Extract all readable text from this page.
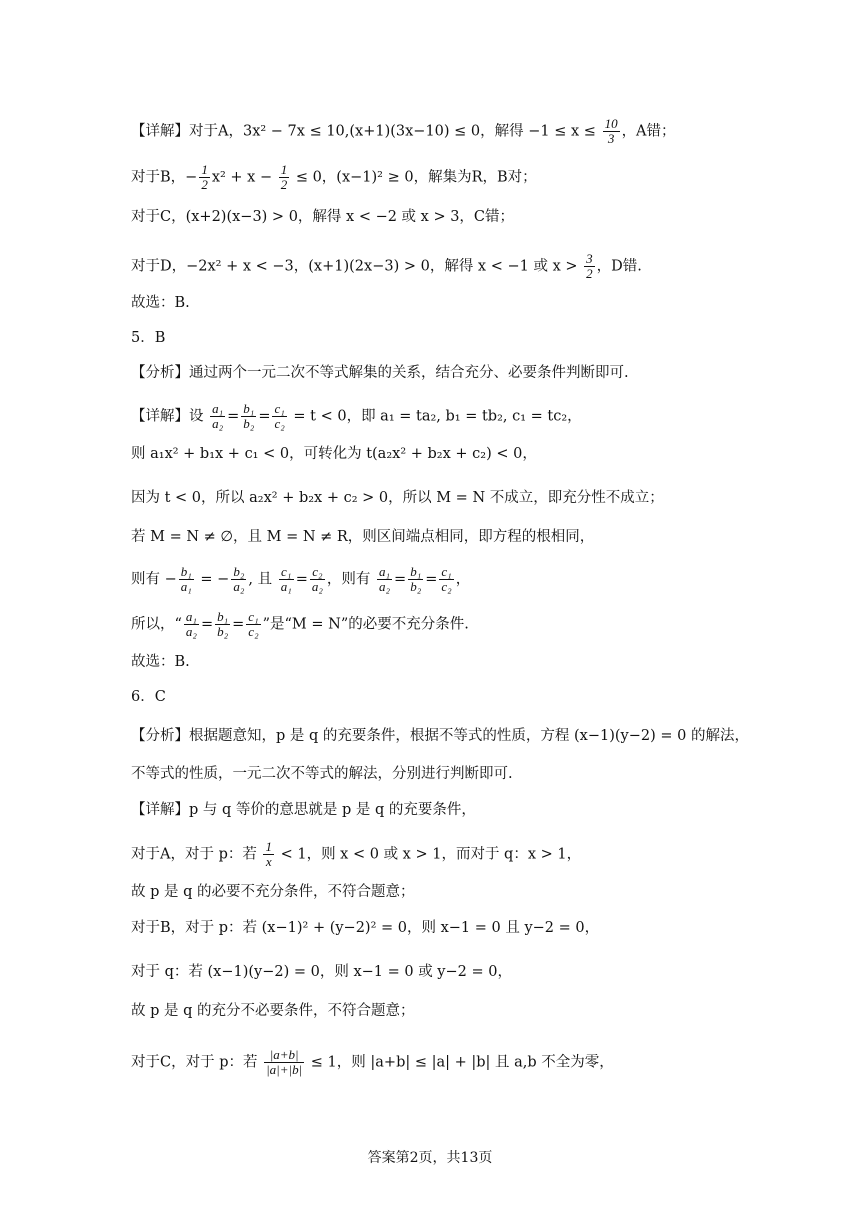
【详解】对于A，3x² − 7x ≤ 10,(x+1)(3x−10) ≤ 0，解得 $-1 \le x \le \frac{10}{3}$ ，A错；
对于B，− $\frac{1}{2} x^2 + x - \frac{1}{2} \le 0$，(x−1)² ≥ 0，解集为R，B对；
对于C，(x+2)(x−3) > 0，解得 x < −2 或 x > 3，C错；
对于D，−2x² + x < −3，(x+1)(2x−3) > 0，解得 x < −1 或 $x > \frac{3}{2}$ ，D错.
故选：B.
5．B
【分析】通过两个一元二次不等式解集的关系，结合充分、必要条件判断即可.
【详解】设 $\frac{\text{a₁}}{\text{a₂}} = \frac{\text{b₁}}{\text{b₂}} = \frac{\text{c₁}}{\text{c₂}} = t < 0$，即 a₁ = ta₂, b₁ = tb₂, c₁ = tc₂，
则 a₁x² + b₁x + c₁ < 0，可转化为 t(a₂x² + b₂x + c₂) < 0，
因为 t < 0，所以 a₂x² + b₂x + c₂ > 0，所以 M = N 不成立，即充分性不成立；
若 M = N ≠ ∅，且 M = N ≠ R，则区间端点相同，即方程的根相同，
则有 − $\frac{\text{b₁}}{\text{a₁}}$ = − $\frac{\text{b₂}}{\text{a₂}}$ , 且 $\frac{\text{c₁}}{\text{a₁}} = \frac{\text{c₂}}{\text{a₂}}$ ，则有 $\frac{\text{a₁}}{\text{a₂}} = \frac{\text{b₁}}{\text{b₂}} = \frac{\text{c₁}}{\text{c₂}}$ ，
所以，“ $\frac{\text{a₁}}{\text{a₂}} = \frac{\text{b₁}}{\text{b₂}} = \frac{\text{c₁}}{\text{c₂}}$ ”是“M = N”的必要不充分条件.
故选：B.
6．C
【分析】根据题意知，p 是 q 的充要条件，根据不等式的性质，方程 (x−1)(y−2) = 0 的解法，
不等式的性质，一元二次不等式的解法，分别进行判断即可.
【详解】p 与 q 等价的意思就是 p 是 q 的充要条件，
对于A，对于 p：若 $\frac{1}{x} < 1$，则 x < 0 或 x > 1，而对于 q：x > 1，
故 p 是 q 的必要不充分条件，不符合题意；
对于B，对于 p：若 (x−1)² + (y−2)² = 0，则 x−1 = 0 且 y−2 = 0，
对于 q：若 (x−1)(y−2) = 0，则 x−1 = 0 或 y−2 = 0，
故 p 是 q 的充分不必要条件，不符合题意；
对于C，对于 p：若 $\frac{|a+b|}{|a|+|b|} \le 1$，则 |a+b| ≤ |a| + |b| 且 a,b 不全为零，
答案第2页，共13页
